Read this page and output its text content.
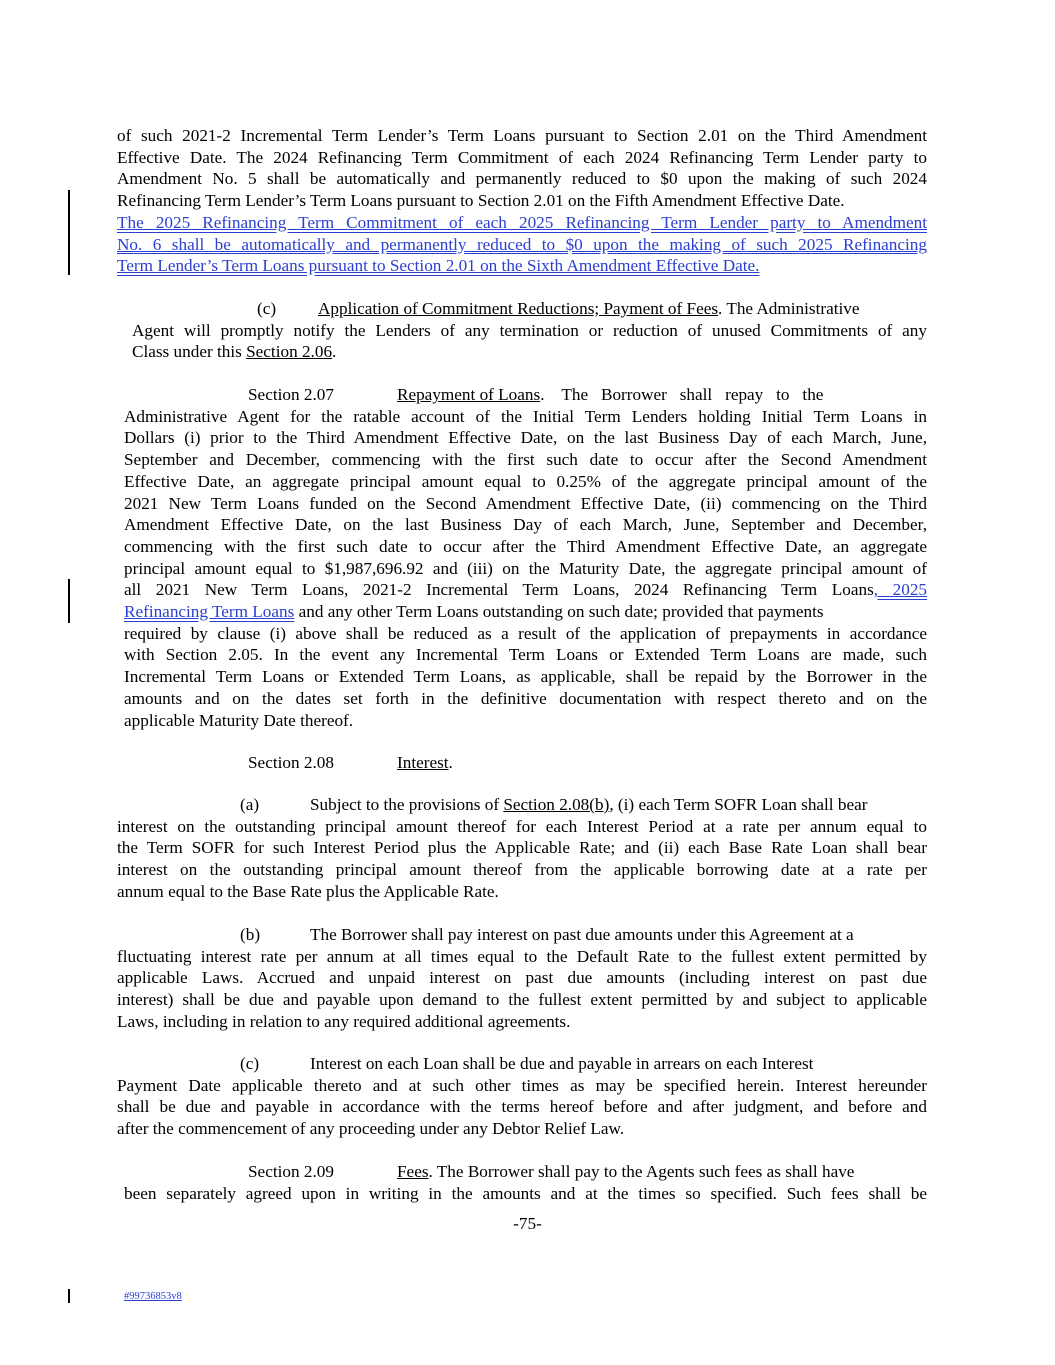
of such 2021-2 Incremental Term Lender’s Term Loans pursuant to Section 2.01 on the Third Amendment
Effective Date. The 2024 Refinancing Term Commitment of each 2024 Refinancing Term Lender party to
Amendment No. 5 shall be automatically and permanently reduced to $0 upon the making of such 2024
Refinancing Term Lender’s Term Loans pursuant to Section 2.01 on the Fifth Amendment Effective Date.
The 2025 Refinancing Term Commitment of each 2025 Refinancing Term Lender party to Amendment
No. 6 shall be automatically and permanently reduced to $0 upon the making of such 2025 Refinancing
Term Lender’s Term Loans pursuant to Section 2.01 on the Sixth Amendment Effective Date.
(c) Application of Commitment Reductions; Payment of Fees. The Administrative
Agent will promptly notify the Lenders of any termination or reduction of unused Commitments of any
Class under this Section 2.06.
Section 2.07	Repayment of Loans.    The   Borrower   shall   repay   to   the
Administrative Agent for the ratable account of the Initial Term Lenders holding Initial Term Loans in
Dollars (i) prior to the Third Amendment Effective Date, on the last Business Day of each March, June,
September and December, commencing with the first such date to occur after the Second Amendment
Effective Date, an aggregate principal amount equal to 0.25% of the aggregate principal amount of the
2021 New Term Loans funded on the Second Amendment Effective Date, (ii) commencing on the Third
Amendment Effective Date, on the last Business Day of each March, June, September and December,
commencing with the first such date to occur after the Third Amendment Effective Date, an aggregate
principal amount equal to $1,987,696.92 and (iii) on the Maturity Date, the aggregate principal amount of
all 2021 New Term Loans, 2021-2 Incremental Term Loans, 2024 Refinancing Term Loans, 2025
Refinancing Term Loans and any other Term Loans outstanding on such date; provided that payments
required by clause (i) above shall be reduced as a result of the application of prepayments in accordance
with Section 2.05. In the event any Incremental Term Loans or Extended Term Loans are made, such
Incremental Term Loans or Extended Term Loans, as applicable, shall be repaid by the Borrower in the
amounts and on the dates set forth in the definitive documentation with respect thereto and on the
applicable Maturity Date thereof.
Section 2.08	Interest.
(a)	Subject to the provisions of Section 2.08(b), (i) each Term SOFR Loan shall bear
interest on the outstanding principal amount thereof for each Interest Period at a rate per annum equal to
the Term SOFR for such Interest Period plus the Applicable Rate; and (ii) each Base Rate Loan shall bear
interest on the outstanding principal amount thereof from the applicable borrowing date at a rate per
annum equal to the Base Rate plus the Applicable Rate.
(b)	The Borrower shall pay interest on past due amounts under this Agreement at a
fluctuating interest rate per annum at all times equal to the Default Rate to the fullest extent permitted by
applicable Laws. Accrued and unpaid interest on past due amounts (including interest on past due
interest) shall be due and payable upon demand to the fullest extent permitted by and subject to applicable
Laws, including in relation to any required additional agreements.
(c)	Interest on each Loan shall be due and payable in arrears on each Interest
Payment Date applicable thereto and at such other times as may be specified herein. Interest hereunder
shall be due and payable in accordance with the terms hereof before and after judgment, and before and
after the commencement of any proceeding under any Debtor Relief Law.
Section 2.09	Fees. The Borrower shall pay to the Agents such fees as shall have
been separately agreed upon in writing in the amounts and at the times so specified. Such fees shall be
-75-
#99736853v8
